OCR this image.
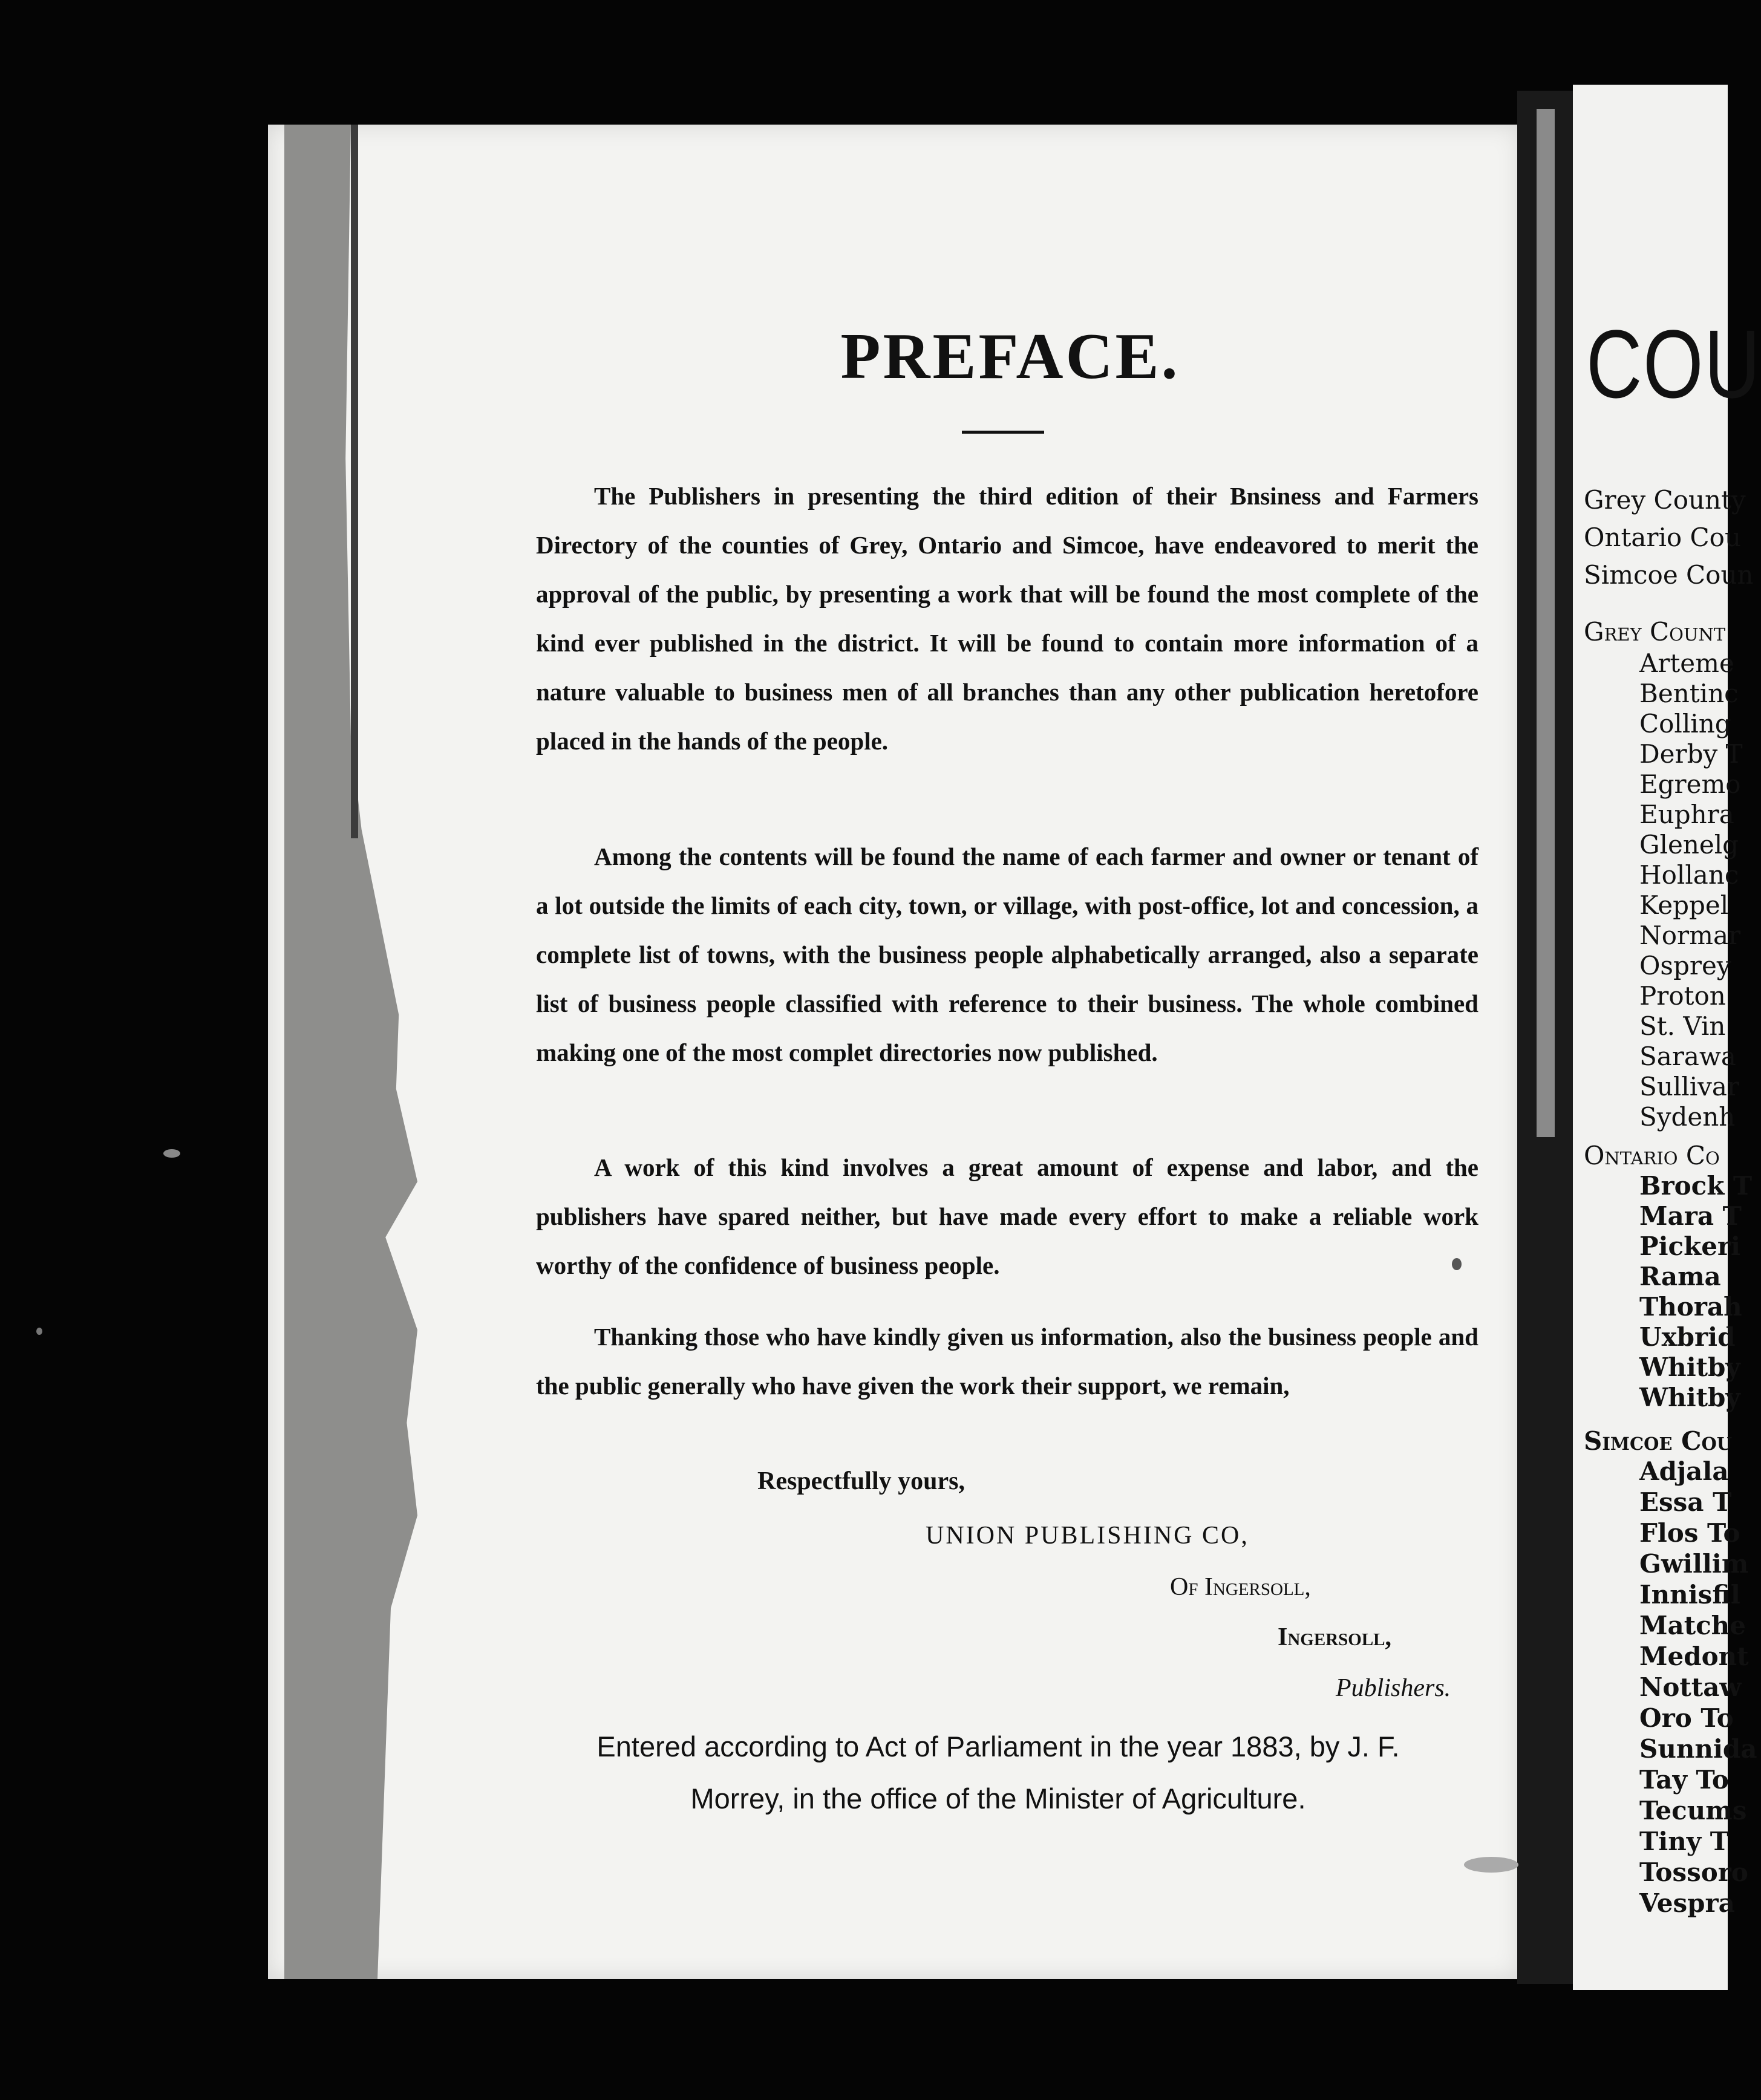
PREFACE.
The Publishers in presenting the third edition of their Bnsiness and Farmers Directory of the counties of Grey, Ontario and Simcoe, have endeavored to merit the approval of the public, by presenting a work that will be found the most complete of the kind ever published in the district. It will be found to contain more information of a nature valuable to business men of all branches than any other publication heretofore placed in the hands of the people.
Among the contents will be found the name of each farmer and owner or tenant of a lot outside the limits of each city, town, or village, with post-office, lot and concession, a complete list of towns, with the business people alphabetically arranged, also a separate list of business people classified with reference to their business. The whole combined making one of the most complet directories now published.
A work of this kind involves a great amount of expense and labor, and the publishers have spared neither, but have made every effort to make a reliable work worthy of the confidence of business people.
Thanking those who have kindly given us information, also the business people and the public generally who have given the work their support, we remain,
Respectfully yours,
UNION PUBLISHING CO,
Of Ingersoll,
Ingersoll,
Publishers.
Entered according to Act of Parliament in the year 1883, by J. F.
Morrey, in the office of the Minister of Agriculture.
COU
Grey County
Ontario Cou
Simcoe Coun
Grey Count
Arteme
Bentinc
Colling
Derby T
Egremo
Euphra
Glenelg
Hollanc
Keppel
Normar
Osprey
Proton
St. Vin
Sarawa
Sullivar
Sydenh
Ontario Co
Brock T
Mara T
Pickeri
Rama
Thorah
Uxbrid
Whitby
Whitby
Simcoe Cou
Adjala
Essa T
Flos To
Gwillim
Innisfil
Matche
Medont
Nottaw
Oro To
Sunnida
Tay To
Tecums
Tiny T
Tossoro
Vespra
